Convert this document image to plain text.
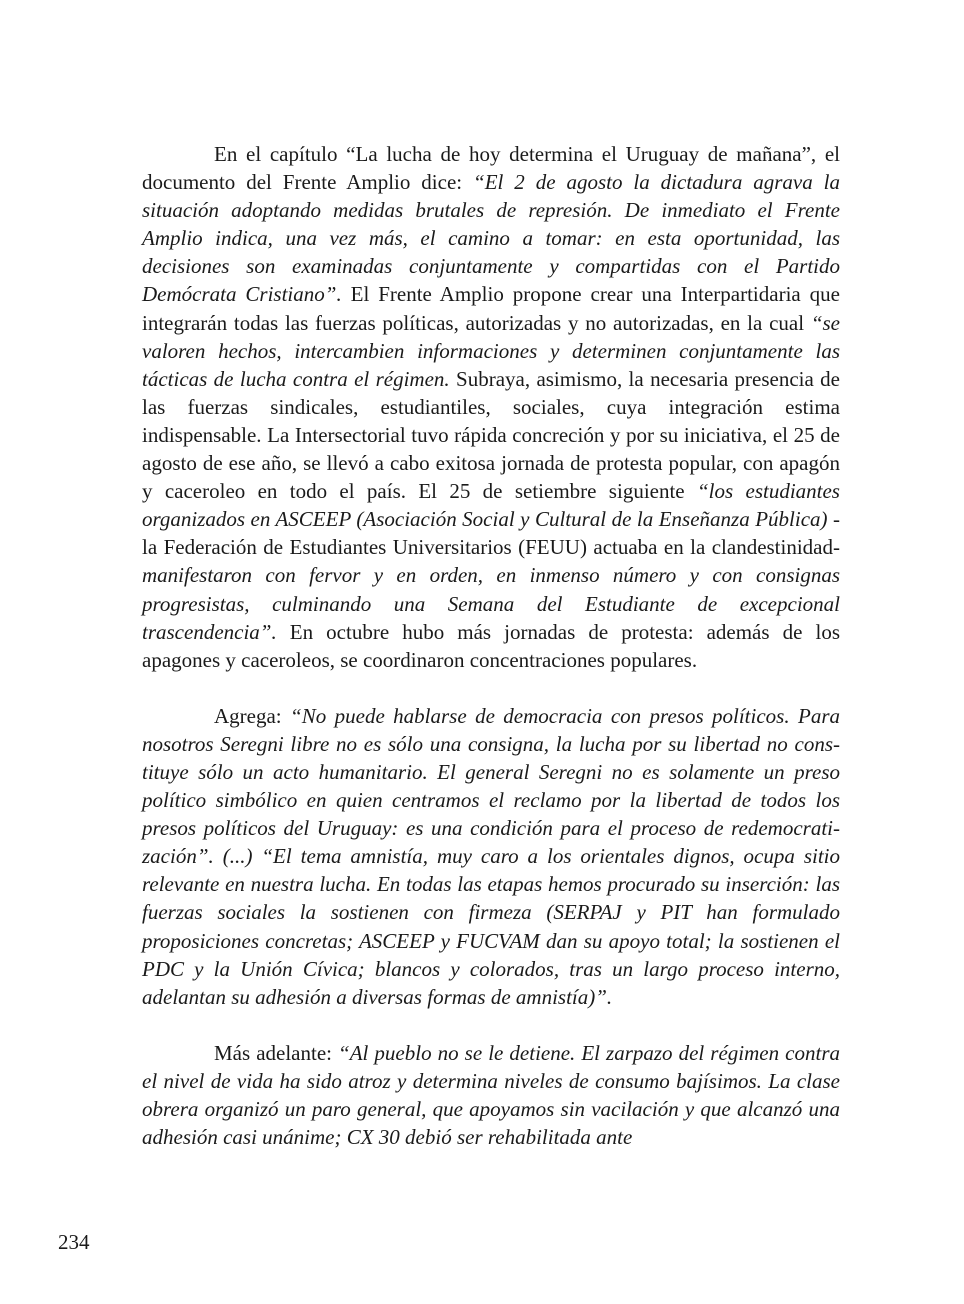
En el capítulo “La lucha de hoy determina el Uruguay de mañana”, el documento del Frente Amplio dice: “El 2 de agosto la dictadura agrava la situación adoptando medidas brutales de represión. De inmediato el Frente Amplio indica, una vez más, el camino a tomar: en esta oportunidad, las decisiones son examinadas conjuntamente y compartidas con el Partido Demócrata Cristiano”. El Frente Amplio propone crear una Interpartidaria que integrarán todas las fuerzas políticas, autorizadas y no autorizadas, en la cual “se valoren hechos, intercambien informaciones y determinen conjuntamente las tácticas de lucha contra el régimen. Subraya, asimismo, la necesaria presencia de las fuerzas sindicales, estudiantiles, sociales, cuya integración estima indispensable. La Intersectorial tuvo rápida concreción y por su iniciativa, el 25 de agosto de ese año, se llevó a cabo exitosa jornada de protesta popular, con apagón y caceroleo en todo el país. El 25 de setiembre siguiente “los estudiantes organizados en ASCEEP (Asociación Social y Cultural de la Enseñanza Pública) -la Federación de Estudiantes Universitarios (FEUU) actuaba en la clandestinidad- manifestaron con fervor y en orden, en inmenso número y con consignas progresistas, culminando una Semana del Estudiante de excepcional trascendencia”. En octubre hubo más jornadas de protesta: además de los apagones y caceroleos, se coordinaron concentraciones populares.

Agrega: “No puede hablarse de democracia con presos políticos. Para nosotros Seregni libre no es sólo una consigna, la lucha por su libertad no constituye sólo un acto humanitario. El general Seregni no es solamente un preso político simbólico en quien centramos el reclamo por la libertad de todos los presos políticos del Uruguay: es una condición para el proceso de redemocratización”. (...) “El tema amnistía, muy caro a los orientales dignos, ocupa sitio relevante en nuestra lucha. En todas las etapas hemos procurado su inserción: las fuerzas sociales la sostienen con firmeza (SERPAJ y PIT han formulado proposiciones concretas; ASCEEP y FUCVAM dan su apoyo total; la sostienen el PDC y la Unión Cívica; blancos y colorados, tras un largo proceso interno, adelantan su adhesión a diversas formas de amnistía)”.

Más adelante: “Al pueblo no se le detiene. El zarpazo del régimen contra el nivel de vida ha sido atroz y determina niveles de consumo bajísimos. La clase obrera organizó un paro general, que apoyamos sin vacilación y que alcanzó una adhesión casi unánime; CX 30 debió ser rehabilitada ante

234
